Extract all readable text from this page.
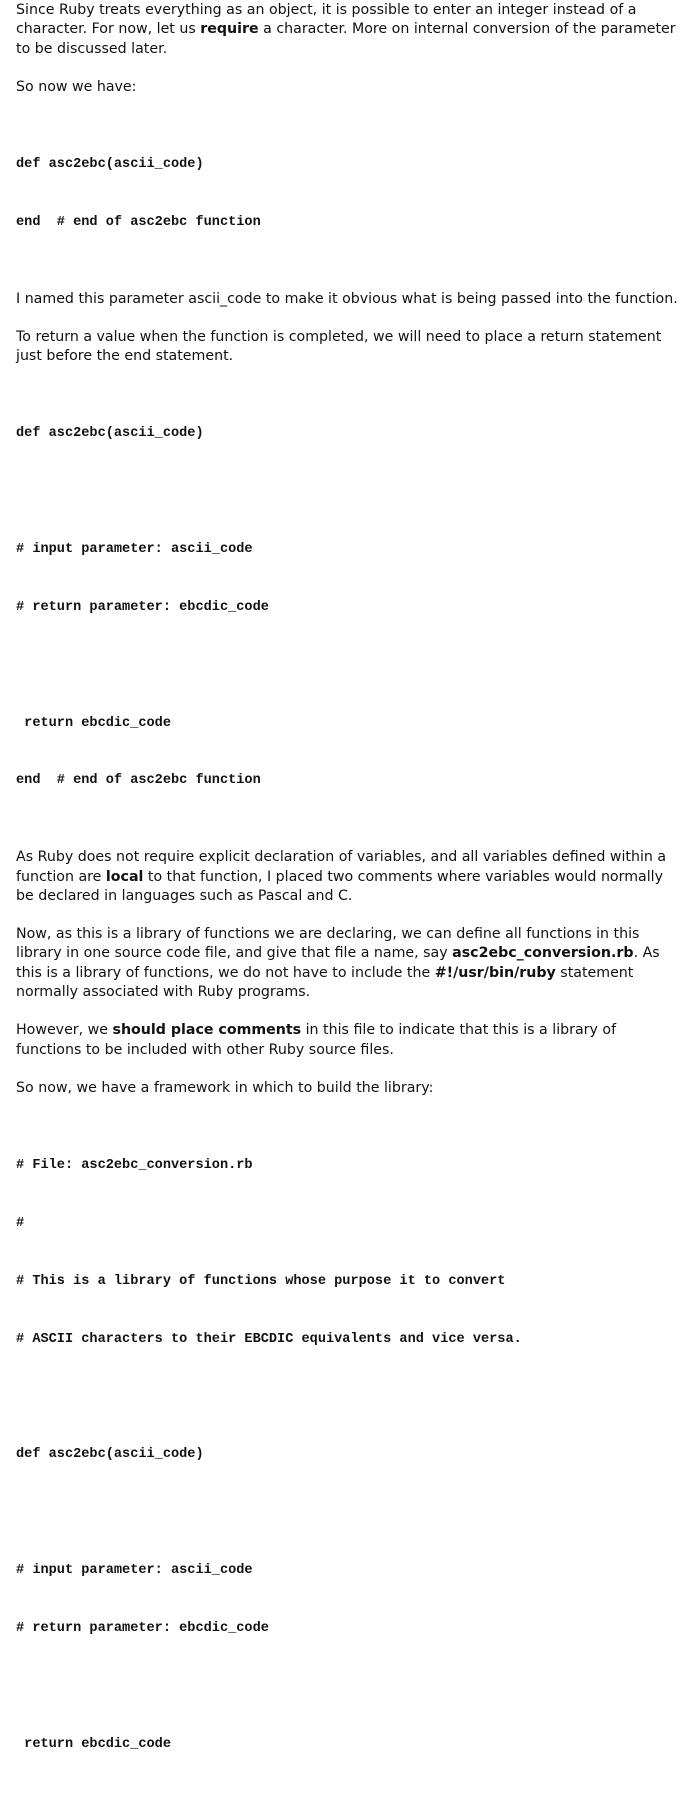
Since Ruby treats everything as an object, it is possible to enter an integer instead of a character. For now, let us require a character. More on internal conversion of the parameter to be discussed later.
So now we have:

def asc2ebc(ascii_code)

end  # end of asc2ebc function

I named this parameter ascii_code to make it obvious what is being passed into the function.
To return a value when the function is completed, we will need to place a return statement just before the end statement.

def asc2ebc(ascii_code)

# input parameter: ascii_code

# return parameter: ebcdic_code

return ebcdic_code

end  # end of asc2ebc function

As Ruby does not require explicit declaration of variables, and all variables defined within a function are local to that function, I placed two comments where variables would normally be declared in languages such as Pascal and C.
Now, as this is a library of functions we are declaring, we can define all functions in this library in one source code file, and give that file a name, say asc2ebc_conversion.rb. As this is a library of functions, we do not have to include the #!/usr/bin/ruby statement normally associated with Ruby programs.
However, we should place comments in this file to indicate that this is a library of functions to be included with other Ruby source files.
So now, we have a framework in which to build the library:

# File: asc2ebc_conversion.rb

#

# This is a library of functions whose purpose it to convert

# ASCII characters to their EBCDIC equivalents and vice versa.

def asc2ebc(ascii_code)

# input parameter: ascii_code

# return parameter: ebcdic_code

return ebcdic_code
